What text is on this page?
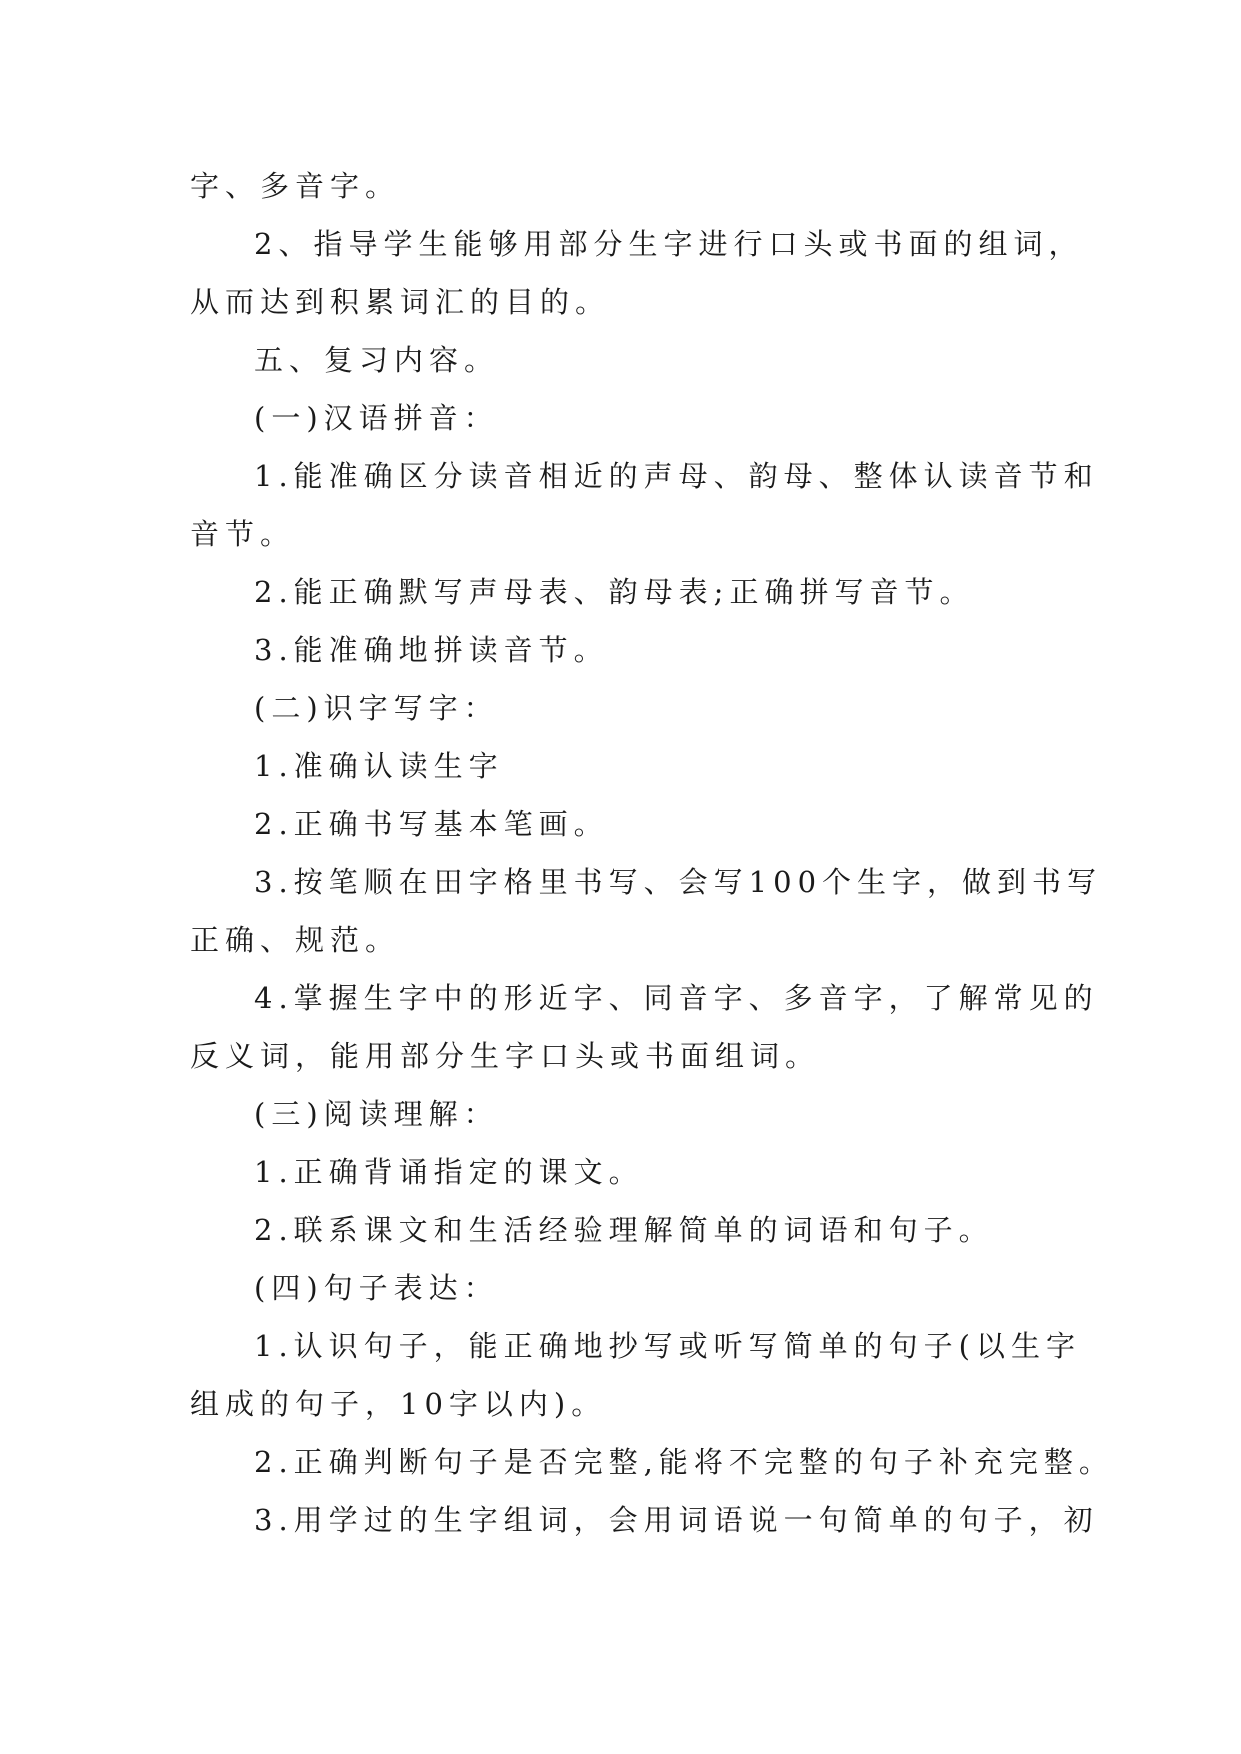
字、多音字。
2、指导学生能够用部分生字进行口头或书面的组词，
从而达到积累词汇的目的。
五、复习内容。
(一)汉语拼音：
1.能准确区分读音相近的声母、韵母、整体认读音节和
音节。
2.能正确默写声母表、韵母表;正确拼写音节。
3.能准确地拼读音节。
(二)识字写字：
1.准确认读生字
2.正确书写基本笔画。
3.按笔顺在田字格里书写、会写100个生字，做到书写
正确、规范。
4.掌握生字中的形近字、同音字、多音字，了解常见的
反义词，能用部分生字口头或书面组词。
(三)阅读理解：
1.正确背诵指定的课文。
2.联系课文和生活经验理解简单的词语和句子。
(四)句子表达：
1.认识句子，能正确地抄写或听写简单的句子(以生字
组成的句子，10字以内)。
2.正确判断句子是否完整,能将不完整的句子补充完整。
3.用学过的生字组词，会用词语说一句简单的句子，初
